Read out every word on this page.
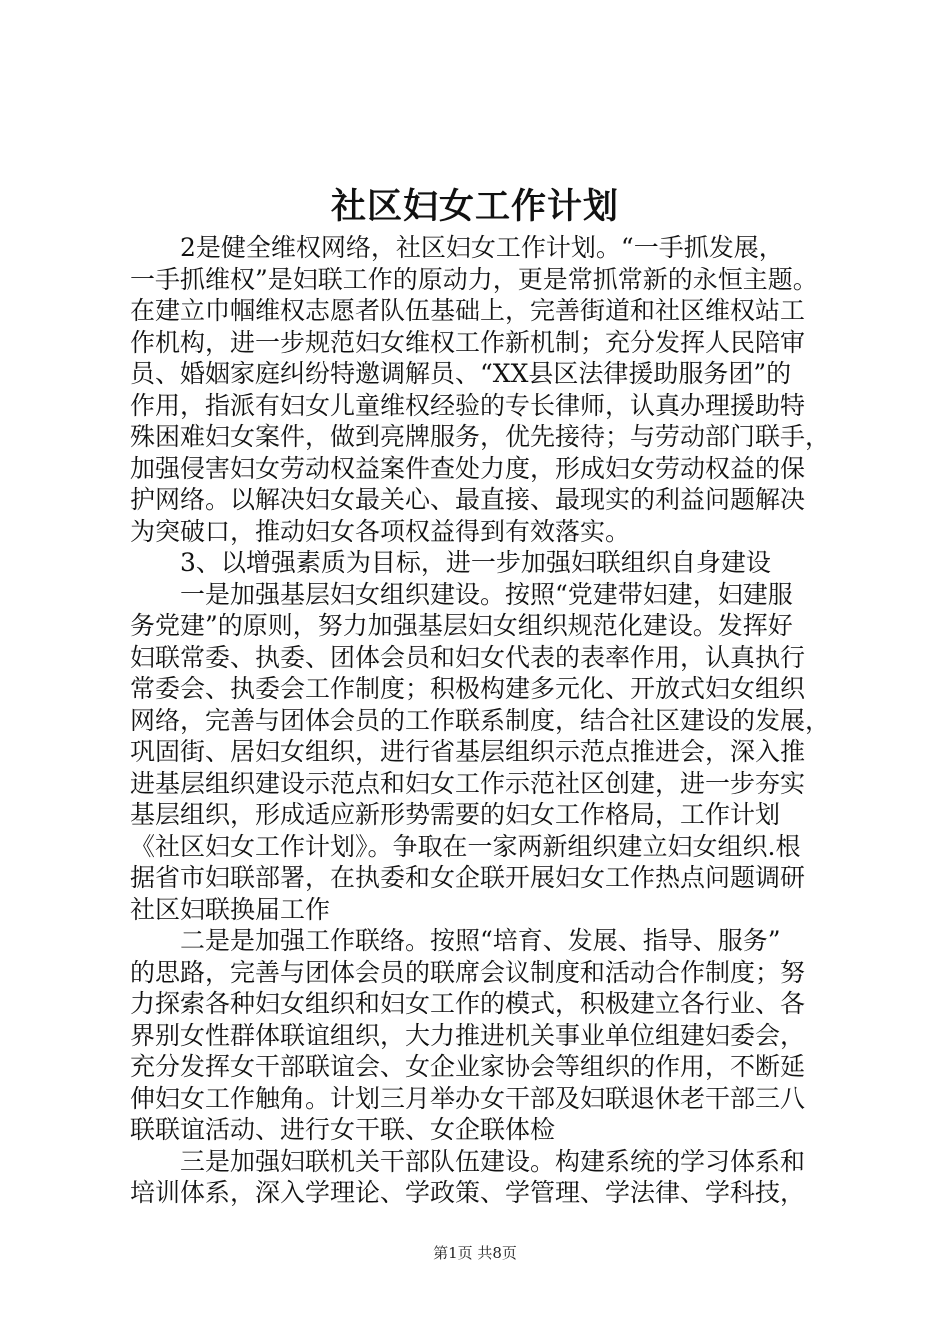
社区妇女工作计划
2是健全维权网络，社区妇女工作计划。“一手抓发展，
一手抓维权”是妇联工作的原动力，更是常抓常新的永恒主题。
在建立巾帼维权志愿者队伍基础上，完善街道和社区维权站工
作机构，进一步规范妇女维权工作新机制；充分发挥人民陪审
员、婚姻家庭纠纷特邀调解员、“XX县区法律援助服务团”的
作用，指派有妇女儿童维权经验的专长律师，认真办理援助特
殊困难妇女案件，做到亮牌服务，优先接待；与劳动部门联手，
加强侵害妇女劳动权益案件查处力度，形成妇女劳动权益的保
护网络。以解决妇女最关心、最直接、最现实的利益问题解决
为突破口，推动妇女各项权益得到有效落实。
3、以增强素质为目标，进一步加强妇联组织自身建设
一是加强基层妇女组织建设。按照“党建带妇建，妇建服
务党建”的原则，努力加强基层妇女组织规范化建设。发挥好
妇联常委、执委、团体会员和妇女代表的表率作用，认真执行
常委会、执委会工作制度；积极构建多元化、开放式妇女组织
网络，完善与团体会员的工作联系制度，结合社区建设的发展，
巩固街、居妇女组织，进行省基层组织示范点推进会，深入推
进基层组织建设示范点和妇女工作示范社区创建，进一步夯实
基层组织，形成适应新形势需要的妇女工作格局，工作计划
《社区妇女工作计划》。争取在一家两新组织建立妇女组织.根
据省市妇联部署，在执委和女企联开展妇女工作热点问题调研
社区妇联换届工作
二是是加强工作联络。按照“培育、发展、指导、服务”
的思路，完善与团体会员的联席会议制度和活动合作制度；努
力探索各种妇女组织和妇女工作的模式，积极建立各行业、各
界别女性群体联谊组织，大力推进机关事业单位组建妇委会，
充分发挥女干部联谊会、女企业家协会等组织的作用，不断延
伸妇女工作触角。计划三月举办女干部及妇联退休老干部三八
联联谊活动、进行女干联、女企联体检
三是加强妇联机关干部队伍建设。构建系统的学习体系和
培训体系，深入学理论、学政策、学管理、学法律、学科技，
第1页 共8页
